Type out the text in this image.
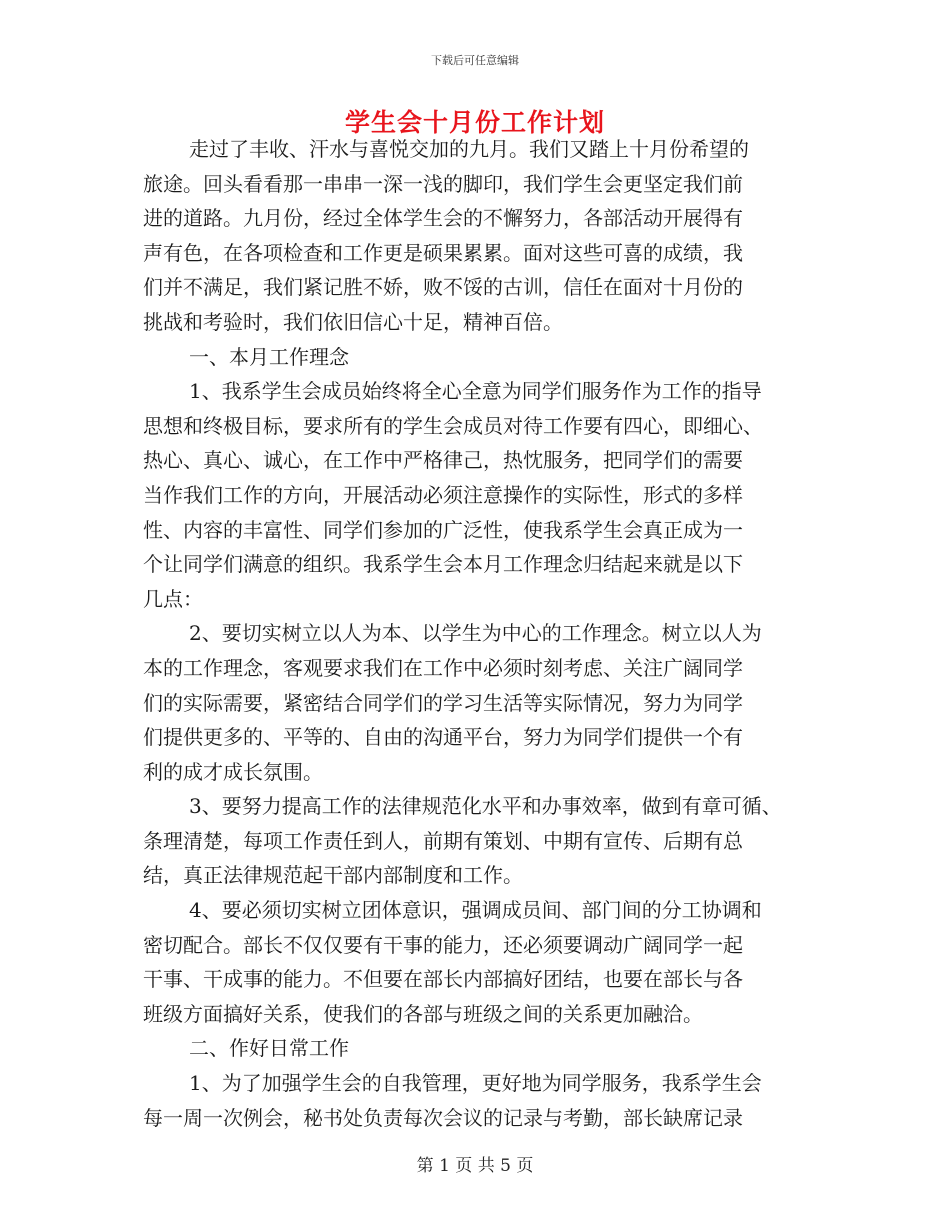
下载后可任意编辑
学生会十月份工作计划
走过了丰收、汗水与喜悦交加的九月。我们又踏上十月份希望的
旅途。回头看看那一串串一深一浅的脚印，我们学生会更坚定我们前
进的道路。九月份，经过全体学生会的不懈努力，各部活动开展得有
声有色，在各项检查和工作更是硕果累累。面对这些可喜的成绩，我
们并不满足，我们紧记胜不娇，败不馁的古训，信任在面对十月份的
挑战和考验时，我们依旧信心十足，精神百倍。
一、本月工作理念
1、我系学生会成员始终将全心全意为同学们服务作为工作的指导
思想和终极目标，要求所有的学生会成员对待工作要有四心，即细心、
热心、真心、诚心，在工作中严格律己，热忱服务，把同学们的需要
当作我们工作的方向，开展活动必须注意操作的实际性，形式的多样
性、内容的丰富性、同学们参加的广泛性，使我系学生会真正成为一
个让同学们满意的组织。我系学生会本月工作理念归结起来就是以下
几点：
2、要切实树立以人为本、以学生为中心的工作理念。树立以人为
本的工作理念，客观要求我们在工作中必须时刻考虑、关注广阔同学
们的实际需要，紧密结合同学们的学习生活等实际情况，努力为同学
们提供更多的、平等的、自由的沟通平台，努力为同学们提供一个有
利的成才成长氛围。
3、要努力提高工作的法律规范化水平和办事效率，做到有章可循、
条理清楚，每项工作责任到人，前期有策划、中期有宣传、后期有总
结，真正法律规范起干部内部制度和工作。
4、要必须切实树立团体意识，强调成员间、部门间的分工协调和
密切配合。部长不仅仅要有干事的能力，还必须要调动广阔同学一起
干事、干成事的能力。不但要在部长内部搞好团结，也要在部长与各
班级方面搞好关系，使我们的各部与班级之间的关系更加融洽。
二、作好日常工作
1、为了加强学生会的自我管理，更好地为同学服务，我系学生会
每一周一次例会，秘书处负责每次会议的记录与考勤，部长缺席记录
第 1 页 共 5 页
